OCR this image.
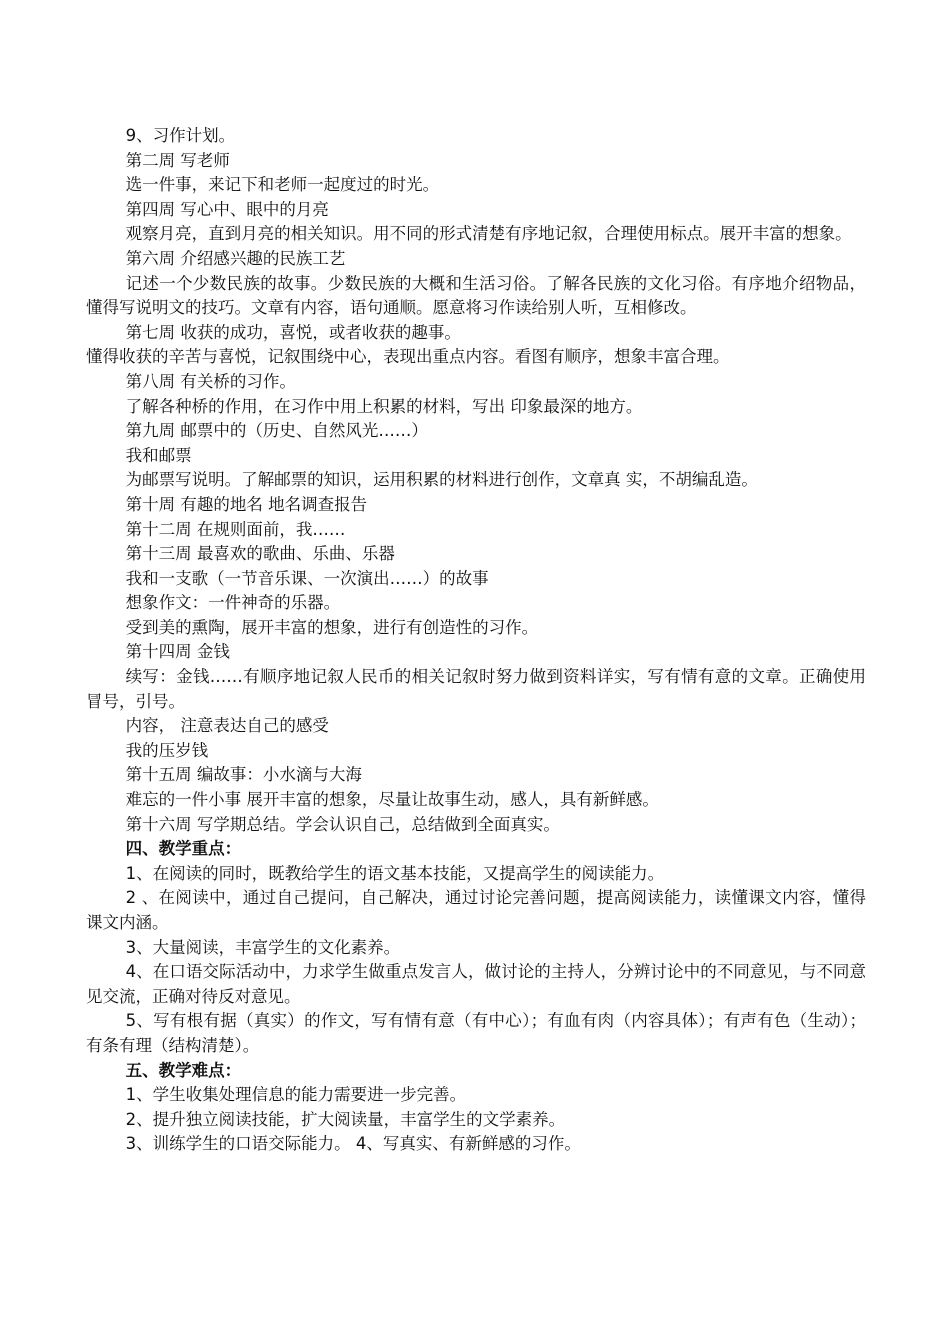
9、习作计划。

第二周 写老师

选一件事，来记下和老师一起度过的时光。

第四周 写心中、眼中的月亮

观察月亮，直到月亮的相关知识。用不同的形式清楚有序地记叙，合理使用标点。展开丰富的想象。

第六周 介绍感兴趣的民族工艺

记述一个少数民族的故事。少数民族的大概和生活习俗。了解各民族的文化习俗。有序地介绍物品，懂得写说明文的技巧。文章有内容，语句通顺。愿意将习作读给别人听，互相修改。

第七周 收获的成功，喜悦，或者收获的趣事。

懂得收获的辛苦与喜悦，记叙围绕中心，表现出重点内容。看图有顺序，想象丰富合理。

第八周 有关桥的习作。

了解各种桥的作用，在习作中用上积累的材料，写出 印象最深的地方。

第九周 邮票中的（历史、自然风光……）

我和邮票

为邮票写说明。了解邮票的知识，运用积累的材料进行创作，文章真 实，不胡编乱造。

第十周 有趣的地名 地名调查报告

第十二周 在规则面前，我……

第十三周 最喜欢的歌曲、乐曲、乐器

我和一支歌（一节音乐课、一次演出……）的故事

想象作文：一件神奇的乐器。

受到美的熏陶，展开丰富的想象，进行有创造性的习作。

第十四周 金钱

续写：金钱……有顺序地记叙人民币的相关记叙时努力做到资料详实，写有情有意的文章。正确使用冒号，引号。

内容， 注意表达自己的感受

我的压岁钱

第十五周 编故事：小水滴与大海

难忘的一件小事 展开丰富的想象，尽量让故事生动，感人，具有新鲜感。

第十六周 写学期总结。学会认识自己，总结做到全面真实。

四、教学重点：

1、在阅读的同时，既教给学生的语文基本技能，又提高学生的阅读能力。

2 、在阅读中，通过自己提问，自己解决，通过讨论完善问题，提高阅读能力，读懂课文内容，懂得课文内涵。

3、大量阅读，丰富学生的文化素养。

4、在口语交际活动中，力求学生做重点发言人，做讨论的主持人，分辨讨论中的不同意见，与不同意见交流，正确对待反对意见。

5、写有根有据（真实）的作文，写有情有意（有中心）；有血有肉（内容具体）；有声有色（生动）；有条有理（结构清楚）。

五、教学难点：

1、学生收集处理信息的能力需要进一步完善。

2、提升独立阅读技能，扩大阅读量，丰富学生的文学素养。

3、训练学生的口语交际能力。 4、写真实、有新鲜感的习作。
